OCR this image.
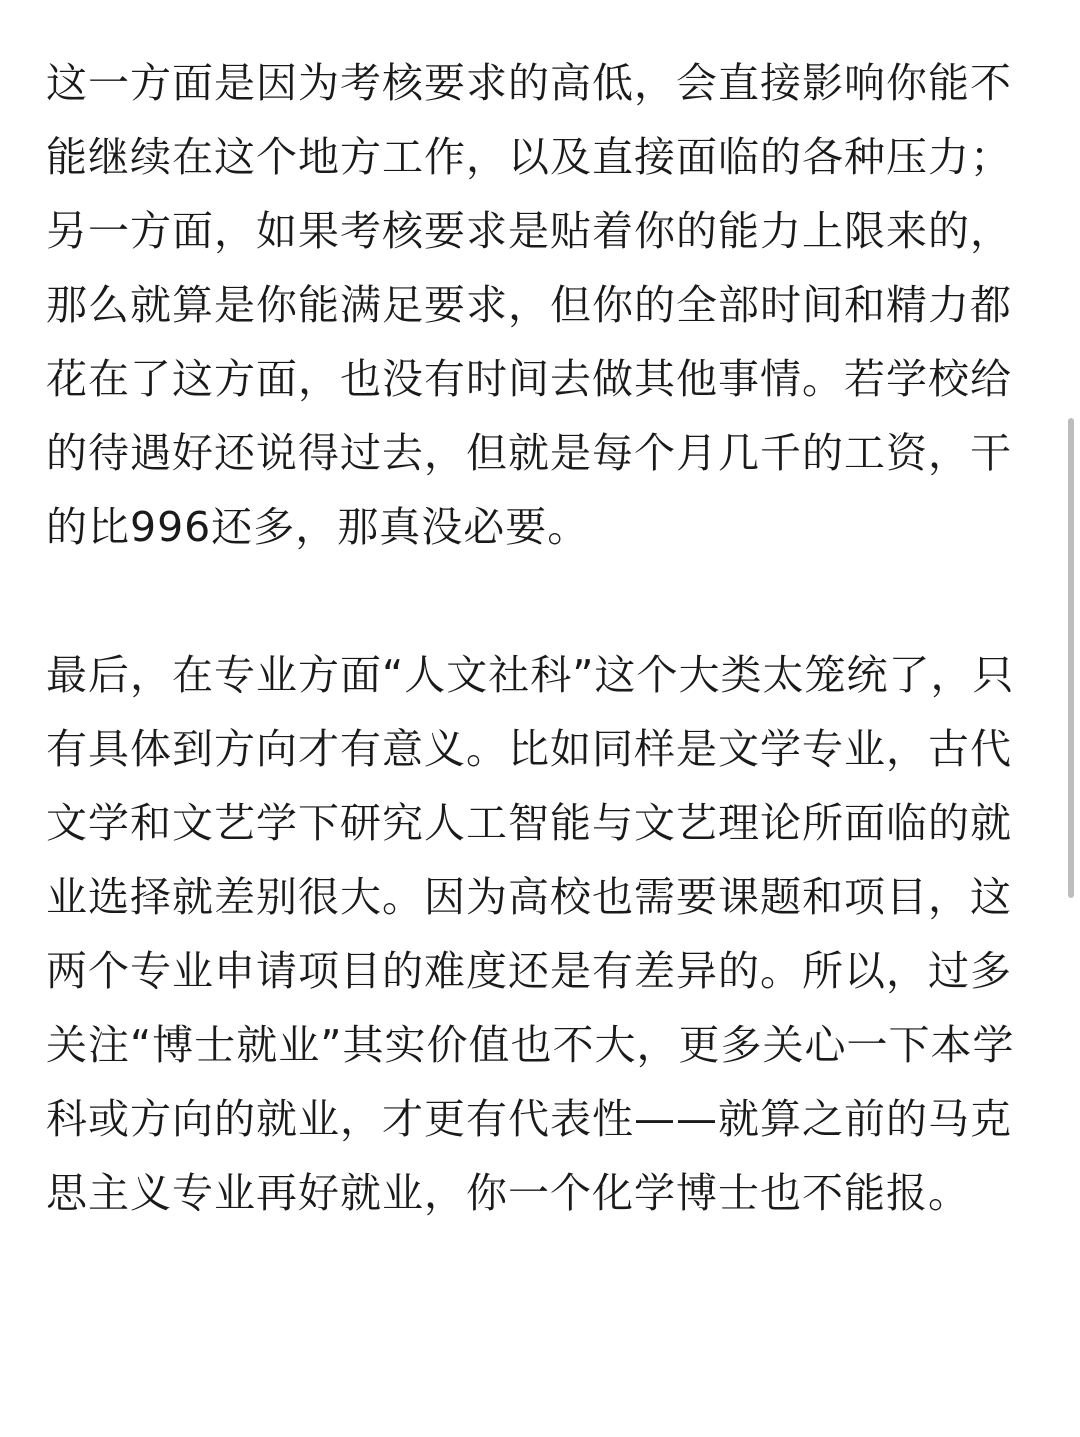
这一方面是因为考核要求的高低，会直接影响你能不能继续在这个地方工作，以及直接面临的各种压力；另一方面，如果考核要求是贴着你的能力上限来的，那么就算是你能满足要求，但你的全部时间和精力都花在了这方面，也没有时间去做其他事情。若学校给的待遇好还说得过去，但就是每个月几千的工资，干的比996还多，那真没必要。

最后，在专业方面“人文社科”这个大类太笼统了，只有具体到方向才有意义。比如同样是文学专业，古代文学和文艺学下研究人工智能与文艺理论所面临的就业选择就差别很大。因为高校也需要课题和项目，这两个专业申请项目的难度还是有差异的。所以，过多关注“博士就业”其实价值也不大，更多关心一下本学科或方向的就业，才更有代表性——就算之前的马克思主义专业再好就业，你一个化学博士也不能报。
